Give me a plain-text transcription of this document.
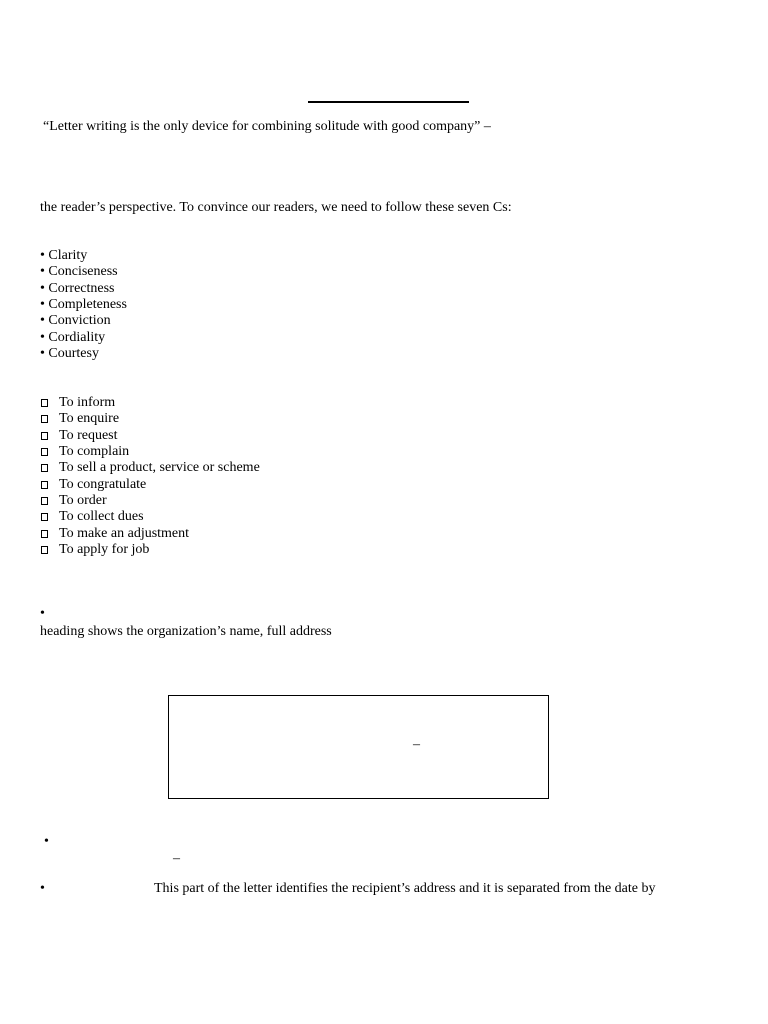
“Letter writing is the only device for combining solitude with good company” –
the reader’s perspective. To convince our readers, we need to follow these seven Cs:
• Clarity
• Conciseness
• Correctness
• Completeness
• Conviction
• Cordiality
• Courtesy
To inform
To enquire
To request
To complain
To sell a product, service or scheme
To congratulate
To order
To collect dues
To make an adjustment
To apply for job
•
heading shows the organization’s name, full address
–
•
–
•	This part of the letter identifies the recipient’s address and it is separated from the date by
